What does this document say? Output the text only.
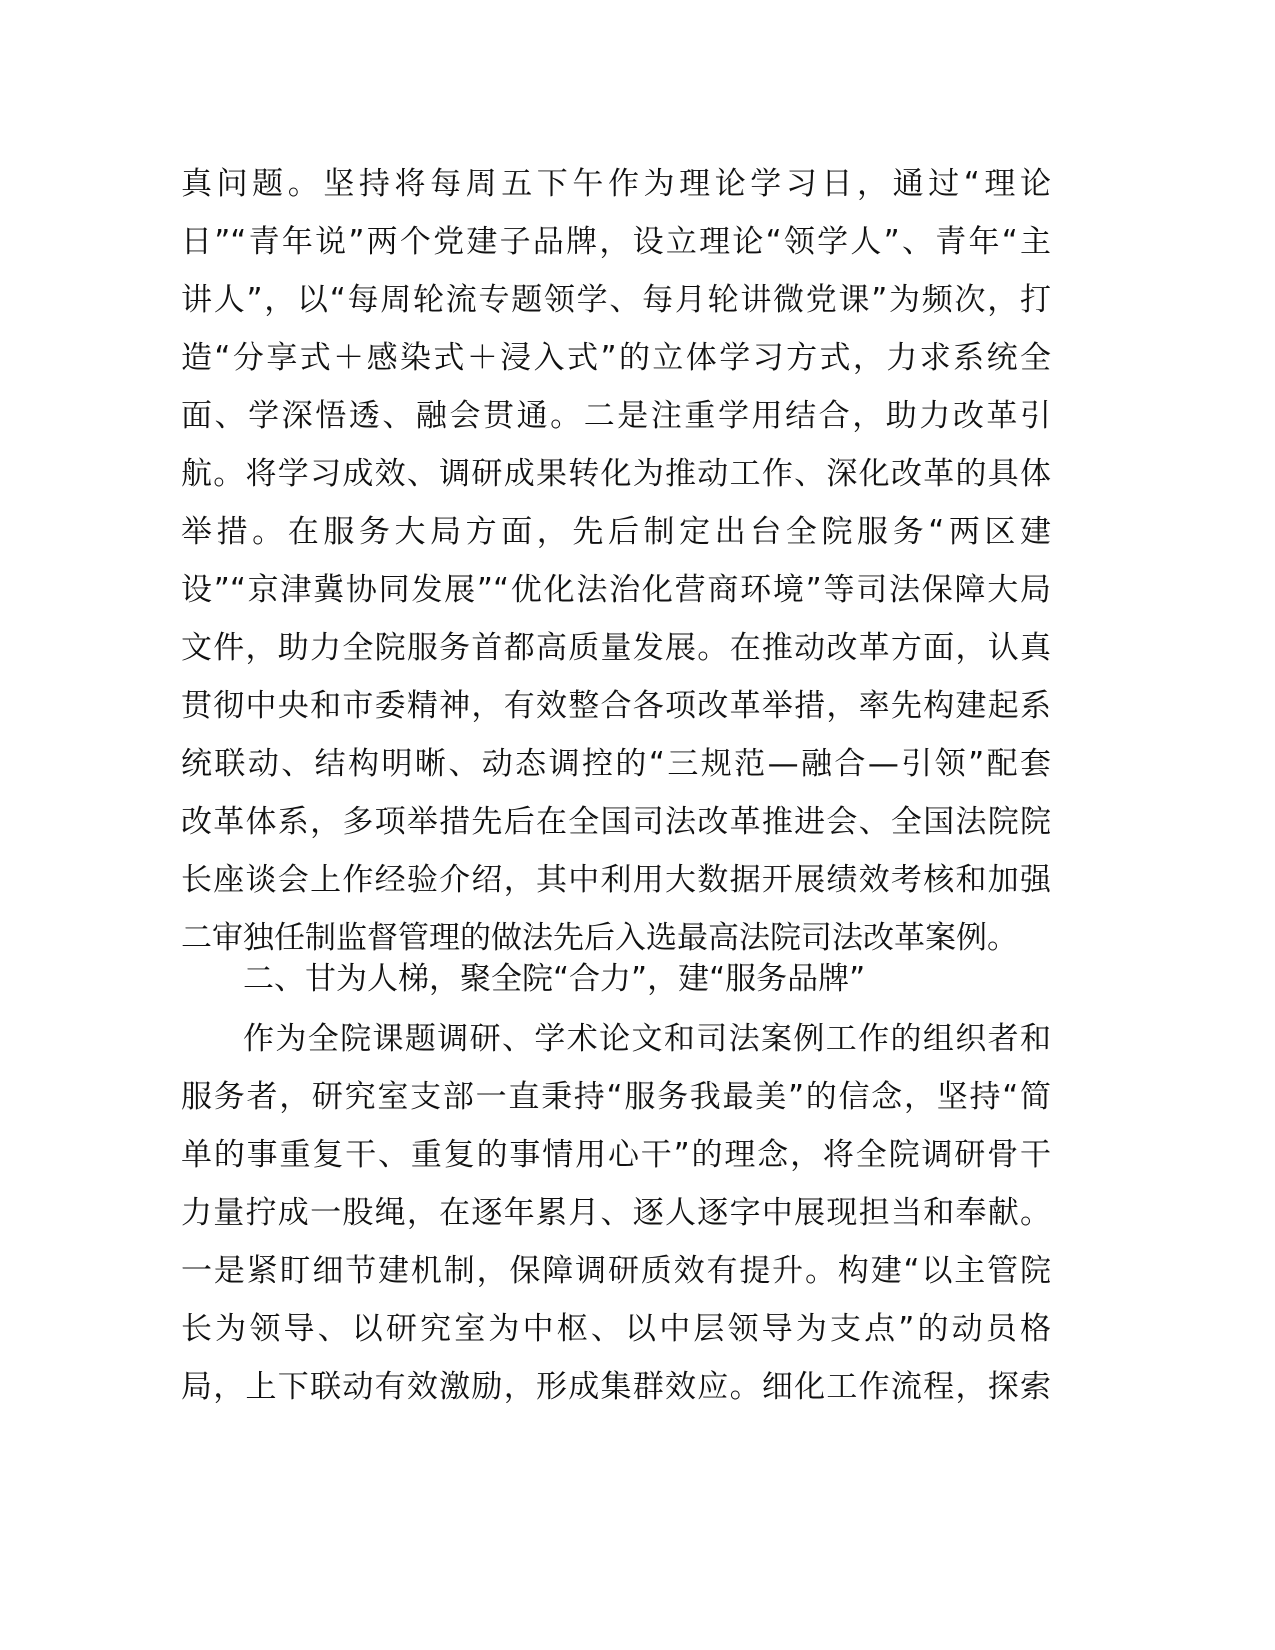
真问题。坚持将每周五下午作为理论学习日，通过“理论
日”“青年说”两个党建子品牌，设立理论“领学人”、青年“主
讲人”，以“每周轮流专题领学、每月轮讲微党课”为频次，打
造“分享式＋感染式＋浸入式”的立体学习方式，力求系统全
面、学深悟透、融会贯通。二是注重学用结合，助力改革引
航。将学习成效、调研成果转化为推动工作、深化改革的具体
举措。在服务大局方面，先后制定出台全院服务“两区建
设”“京津冀协同发展”“优化法治化营商环境”等司法保障大局
文件，助力全院服务首都高质量发展。在推动改革方面，认真
贯彻中央和市委精神，有效整合各项改革举措，率先构建起系
统联动、结构明晰、动态调控的“三规范—融合—引领”配套
改革体系，多项举措先后在全国司法改革推进会、全国法院院
长座谈会上作经验介绍，其中利用大数据开展绩效考核和加强
二审独任制监督管理的做法先后入选最高法院司法改革案例。
二、甘为人梯，聚全院“合力”，建“服务品牌”
作为全院课题调研、学术论文和司法案例工作的组织者和
服务者，研究室支部一直秉持“服务我最美”的信念，坚持“简
单的事重复干、重复的事情用心干”的理念，将全院调研骨干
力量拧成一股绳，在逐年累月、逐人逐字中展现担当和奉献。
一是紧盯细节建机制，保障调研质效有提升。构建“以主管院
长为领导、以研究室为中枢、以中层领导为支点”的动员格
局，上下联动有效激励，形成集群效应。细化工作流程，探索
